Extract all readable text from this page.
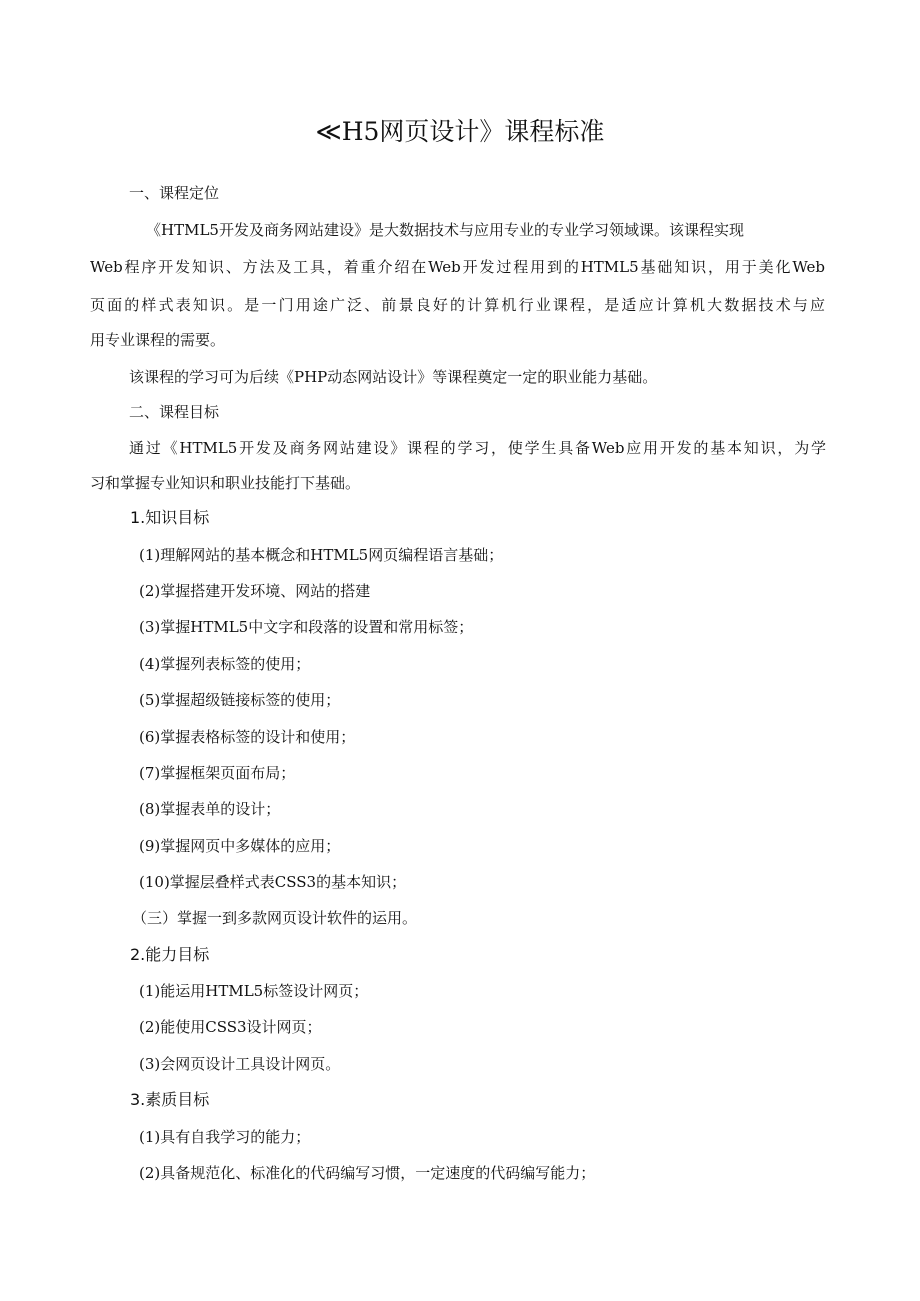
≪H5网页设计》课程标准

一、课程定位

《HTML5开发及商务网站建设》是大数据技术与应用专业的专业学习领域课。该课程实现

Web程序开发知识、方法及工具，着重介绍在Web开发过程用到的HTML5基础知识，用于美化Web

页面的样式表知识。是一门用途广泛、前景良好的计算机行业课程，是适应计算机大数据技术与应

用专业课程的需要。

该课程的学习可为后续《PHP动态网站设计》等课程奠定一定的职业能力基础。

二、课程目标

通过《HTML5开发及商务网站建设》课程的学习，使学生具备Web应用开发的基本知识，为学

习和掌握专业知识和职业技能打下基础。

1.知识目标

(1)理解网站的基本概念和HTML5网页编程语言基础；

(2)掌握搭建开发环境、网站的搭建

(3)掌握HTML5中文字和段落的设置和常用标签；

(4)掌握列表标签的使用；

(5)掌握超级链接标签的使用；

(6)掌握表格标签的设计和使用；

(7)掌握框架页面布局；

(8)掌握表单的设计；

(9)掌握网页中多媒体的应用；

(10)掌握层叠样式表CSS3的基本知识；

（三）掌握一到多款网页设计软件的运用。

2.能力目标

(1)能运用HTML5标签设计网页；

(2)能使用CSS3设计网页；

(3)会网页设计工具设计网页。

3.素质目标

(1)具有自我学习的能力；

(2)具备规范化、标准化的代码编写习惯，一定速度的代码编写能力；
